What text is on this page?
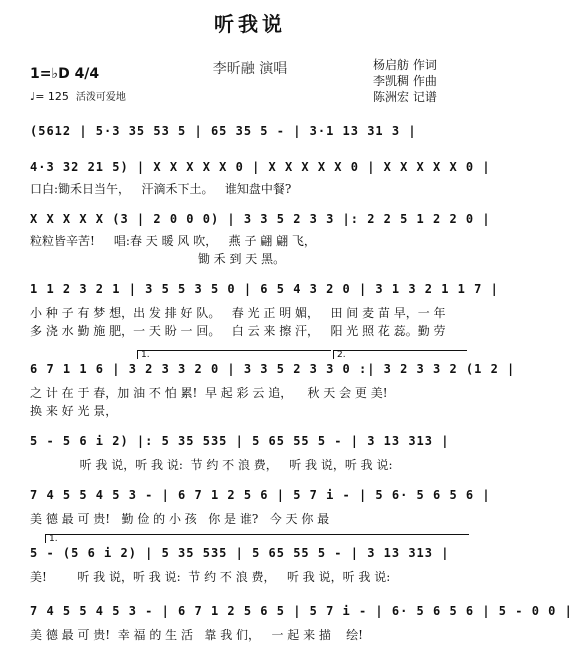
听我说
李昕融 演唱	杨启舫 作词
李凯稠 作曲
陈洲宏 记谱
1=♭D 4/4
♩= 125 活泼可爱地
(5612 | 5·3 35 53 5 | 65 35 5 - | 3·1 13 31 3 |
4·3 32 21 5) | X X X X X 0 | X X X X X 0 | X X X X X 0 |
口白:锄禾日当午，   汗滴禾下土。   谁知盘中餐?
X X X X X (3 | 2 0 0 0) | 3 3 5 2 3 3 |: 2 2 5 1 2 2 0 |
粒粒皆辛苦!     唱:春 天 暖 风 吹，   燕 子 翩 翩 飞，
锄 禾 到 天 黑。
1 1 2 3 2 1 | 3 5 5 3 5 0 | 6 5 4 3 2 0 | 3 1 3 2 1 1 7 |
小 种 子 有 梦 想，出 发 排 好 队。   春 光 正 明 媚，   田 间 麦 苗 早，一 年
多 浇 水 勤 施 肥，一 天 盼 一 回。   白 云 来 擦 汗，   阳 光 照 花 蕊。勤 劳
1.	2.
6 7 1 1 6 | 3 2 3 3 2 0 | 3 3 5 2 3 3 0 :| 3 2 3 3 2 (1 2 |
之 计 在 于 春，加 油 不 怕 累!  早 起 彩 云 追，    秋 天 会 更 美!
换 来 好 光 景，
5 - 5 6 i 2) |: 5 35 535 | 5 65 55 5 - | 3 13 313 |
听 我 说，听 我 说:  节 约 不 浪 费，   听 我 说，听 我 说:
7 4 5 5 4 5 3 - | 6 7 1 2 5 6 | 5 7 i - | 5 6· 5 6 5 6 |
美 德 最 可 贵!   勤 俭 的 小 孩   你 是 谁?   今 天 你 最
1.
5 - (5 6 i 2) | 5 35 535 | 5 65 55 5 - | 3 13 313 |
美!        听 我 说，听 我 说:  节 约 不 浪 费，   听 我 说，听 我 说:
7 4 5 5 4 5 3 - | 6 7 1 2 5 6 5 | 5 7 i - | 6· 5 6 5 6 | 5 - 0 0 |
美 德 最 可 贵!  幸 福 的 生 活   靠 我 们，   一 起 来 描    绘!
